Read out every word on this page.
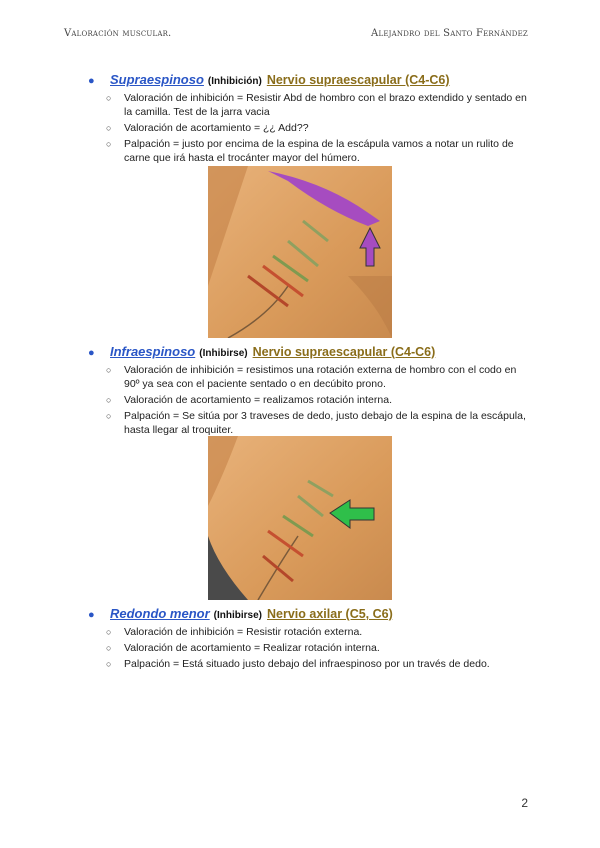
Valoración muscular.	Alejandro del Santo Fernández
●	Supraespinoso (Inhibición) Nervio supraescapular (C4-C6)
○ Valoración de inhibición = Resistir Abd de hombro con el brazo extendido y sentado en la camilla. Test de la jarra vacia
○ Valoración de acortamiento = ¿¿ Add??
○ Palpación = justo por encima de la espina de la escápula vamos a notar un rulito de carne que irá hasta el trocánter mayor del húmero.
●	Infraespinoso (Inhibirse) Nervio supraescapular (C4-C6)
○ Valoración de inhibición = resistimos una rotación externa de hombro con el codo en 90º ya sea con el paciente sentado o en decúbito prono.
○ Valoración de acortamiento = realizamos rotación interna.
○ Palpación = Se sitúa por 3 traveses de dedo, justo debajo de la espina de la escápula, hasta llegar al troquiter.
●	Redondo menor (Inhibirse) Nervio axilar (C5, C6)
○ Valoración de inhibición = Resistir rotación externa.
○ Valoración de acortamiento = Realizar rotación interna.
○ Palpación = Está situado justo debajo del infraespinoso por un través de dedo.
2
